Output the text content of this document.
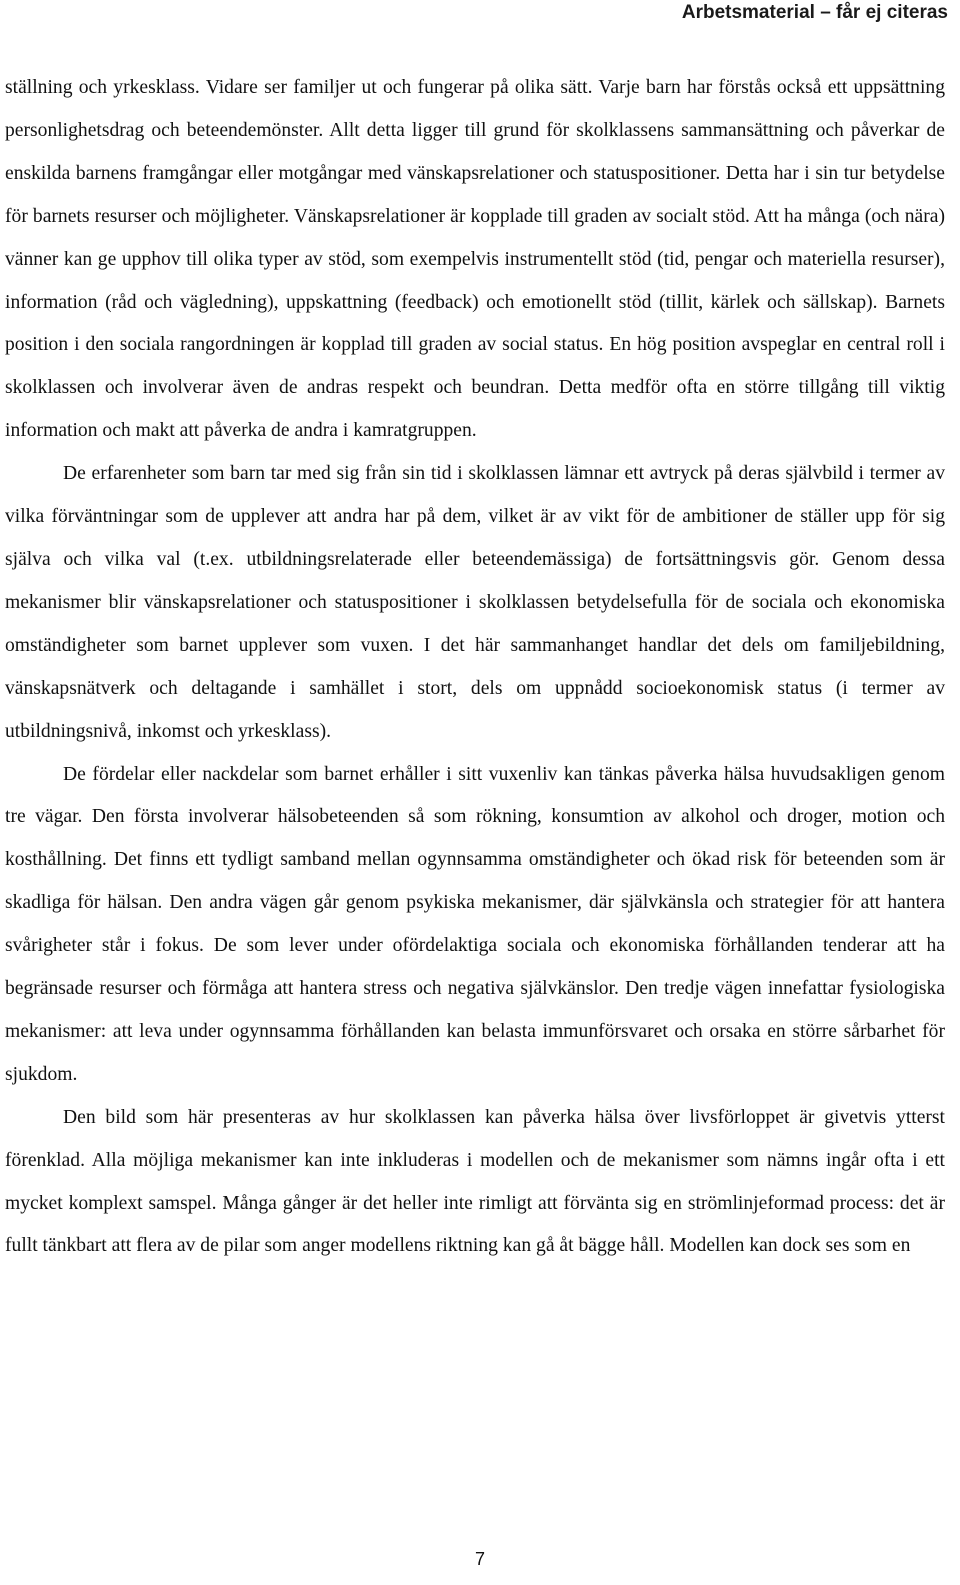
Arbetsmaterial – får ej citeras

ställning och yrkesklass. Vidare ser familjer ut och fungerar på olika sätt. Varje barn har förstås också ett uppsättning personlighetsdrag och beteendemönster. Allt detta ligger till grund för skolklassens sammansättning och påverkar de enskilda barnens framgångar eller motgångar med vänskapsrelationer och statuspositioner. Detta har i sin tur betydelse för barnets resurser och möjligheter. Vänskapsrelationer är kopplade till graden av socialt stöd. Att ha många (och nära) vänner kan ge upphov till olika typer av stöd, som exempelvis instrumentellt stöd (tid, pengar och materiella resurser), information (råd och vägledning), uppskattning (feedback) och emotionellt stöd (tillit, kärlek och sällskap). Barnets position i den sociala rangordningen är kopplad till graden av social status. En hög position avspeglar en central roll i skolklassen och involverar även de andras respekt och beundran. Detta medför ofta en större tillgång till viktig information och makt att påverka de andra i kamratgruppen.

De erfarenheter som barn tar med sig från sin tid i skolklassen lämnar ett avtryck på deras självbild i termer av vilka förväntningar som de upplever att andra har på dem, vilket är av vikt för de ambitioner de ställer upp för sig själva och vilka val (t.ex. utbildningsrelaterade eller beteendemässiga) de fortsättningsvis gör. Genom dessa mekanismer blir vänskapsrelationer och statuspositioner i skolklassen betydelsefulla för de sociala och ekonomiska omständigheter som barnet upplever som vuxen. I det här sammanhanget handlar det dels om familjebildning, vänskapsnätverk och deltagande i samhället i stort, dels om uppnådd socioekonomisk status (i termer av utbildningsnivå, inkomst och yrkesklass).

De fördelar eller nackdelar som barnet erhåller i sitt vuxenliv kan tänkas påverka hälsa huvudsakligen genom tre vägar. Den första involverar hälsobeteenden så som rökning, konsumtion av alkohol och droger, motion och kosthållning. Det finns ett tydligt samband mellan ogynnsamma omständigheter och ökad risk för beteenden som är skadliga för hälsan. Den andra vägen går genom psykiska mekanismer, där självkänsla och strategier för att hantera svårigheter står i fokus. De som lever under ofördelaktiga sociala och ekonomiska förhållanden tenderar att ha begränsade resurser och förmåga att hantera stress och negativa självkänslor. Den tredje vägen innefattar fysiologiska mekanismer: att leva under ogynnsamma förhållanden kan belasta immunförsvaret och orsaka en större sårbarhet för sjukdom.

Den bild som här presenteras av hur skolklassen kan påverka hälsa över livsförloppet är givetvis ytterst förenklad. Alla möjliga mekanismer kan inte inkluderas i modellen och de mekanismer som nämns ingår ofta i ett mycket komplext samspel. Många gånger är det heller inte rimligt att förvänta sig en strömlinjeformad process: det är fullt tänkbart att flera av de pilar som anger modellens riktning kan gå åt bägge håll. Modellen kan dock ses som en

7
